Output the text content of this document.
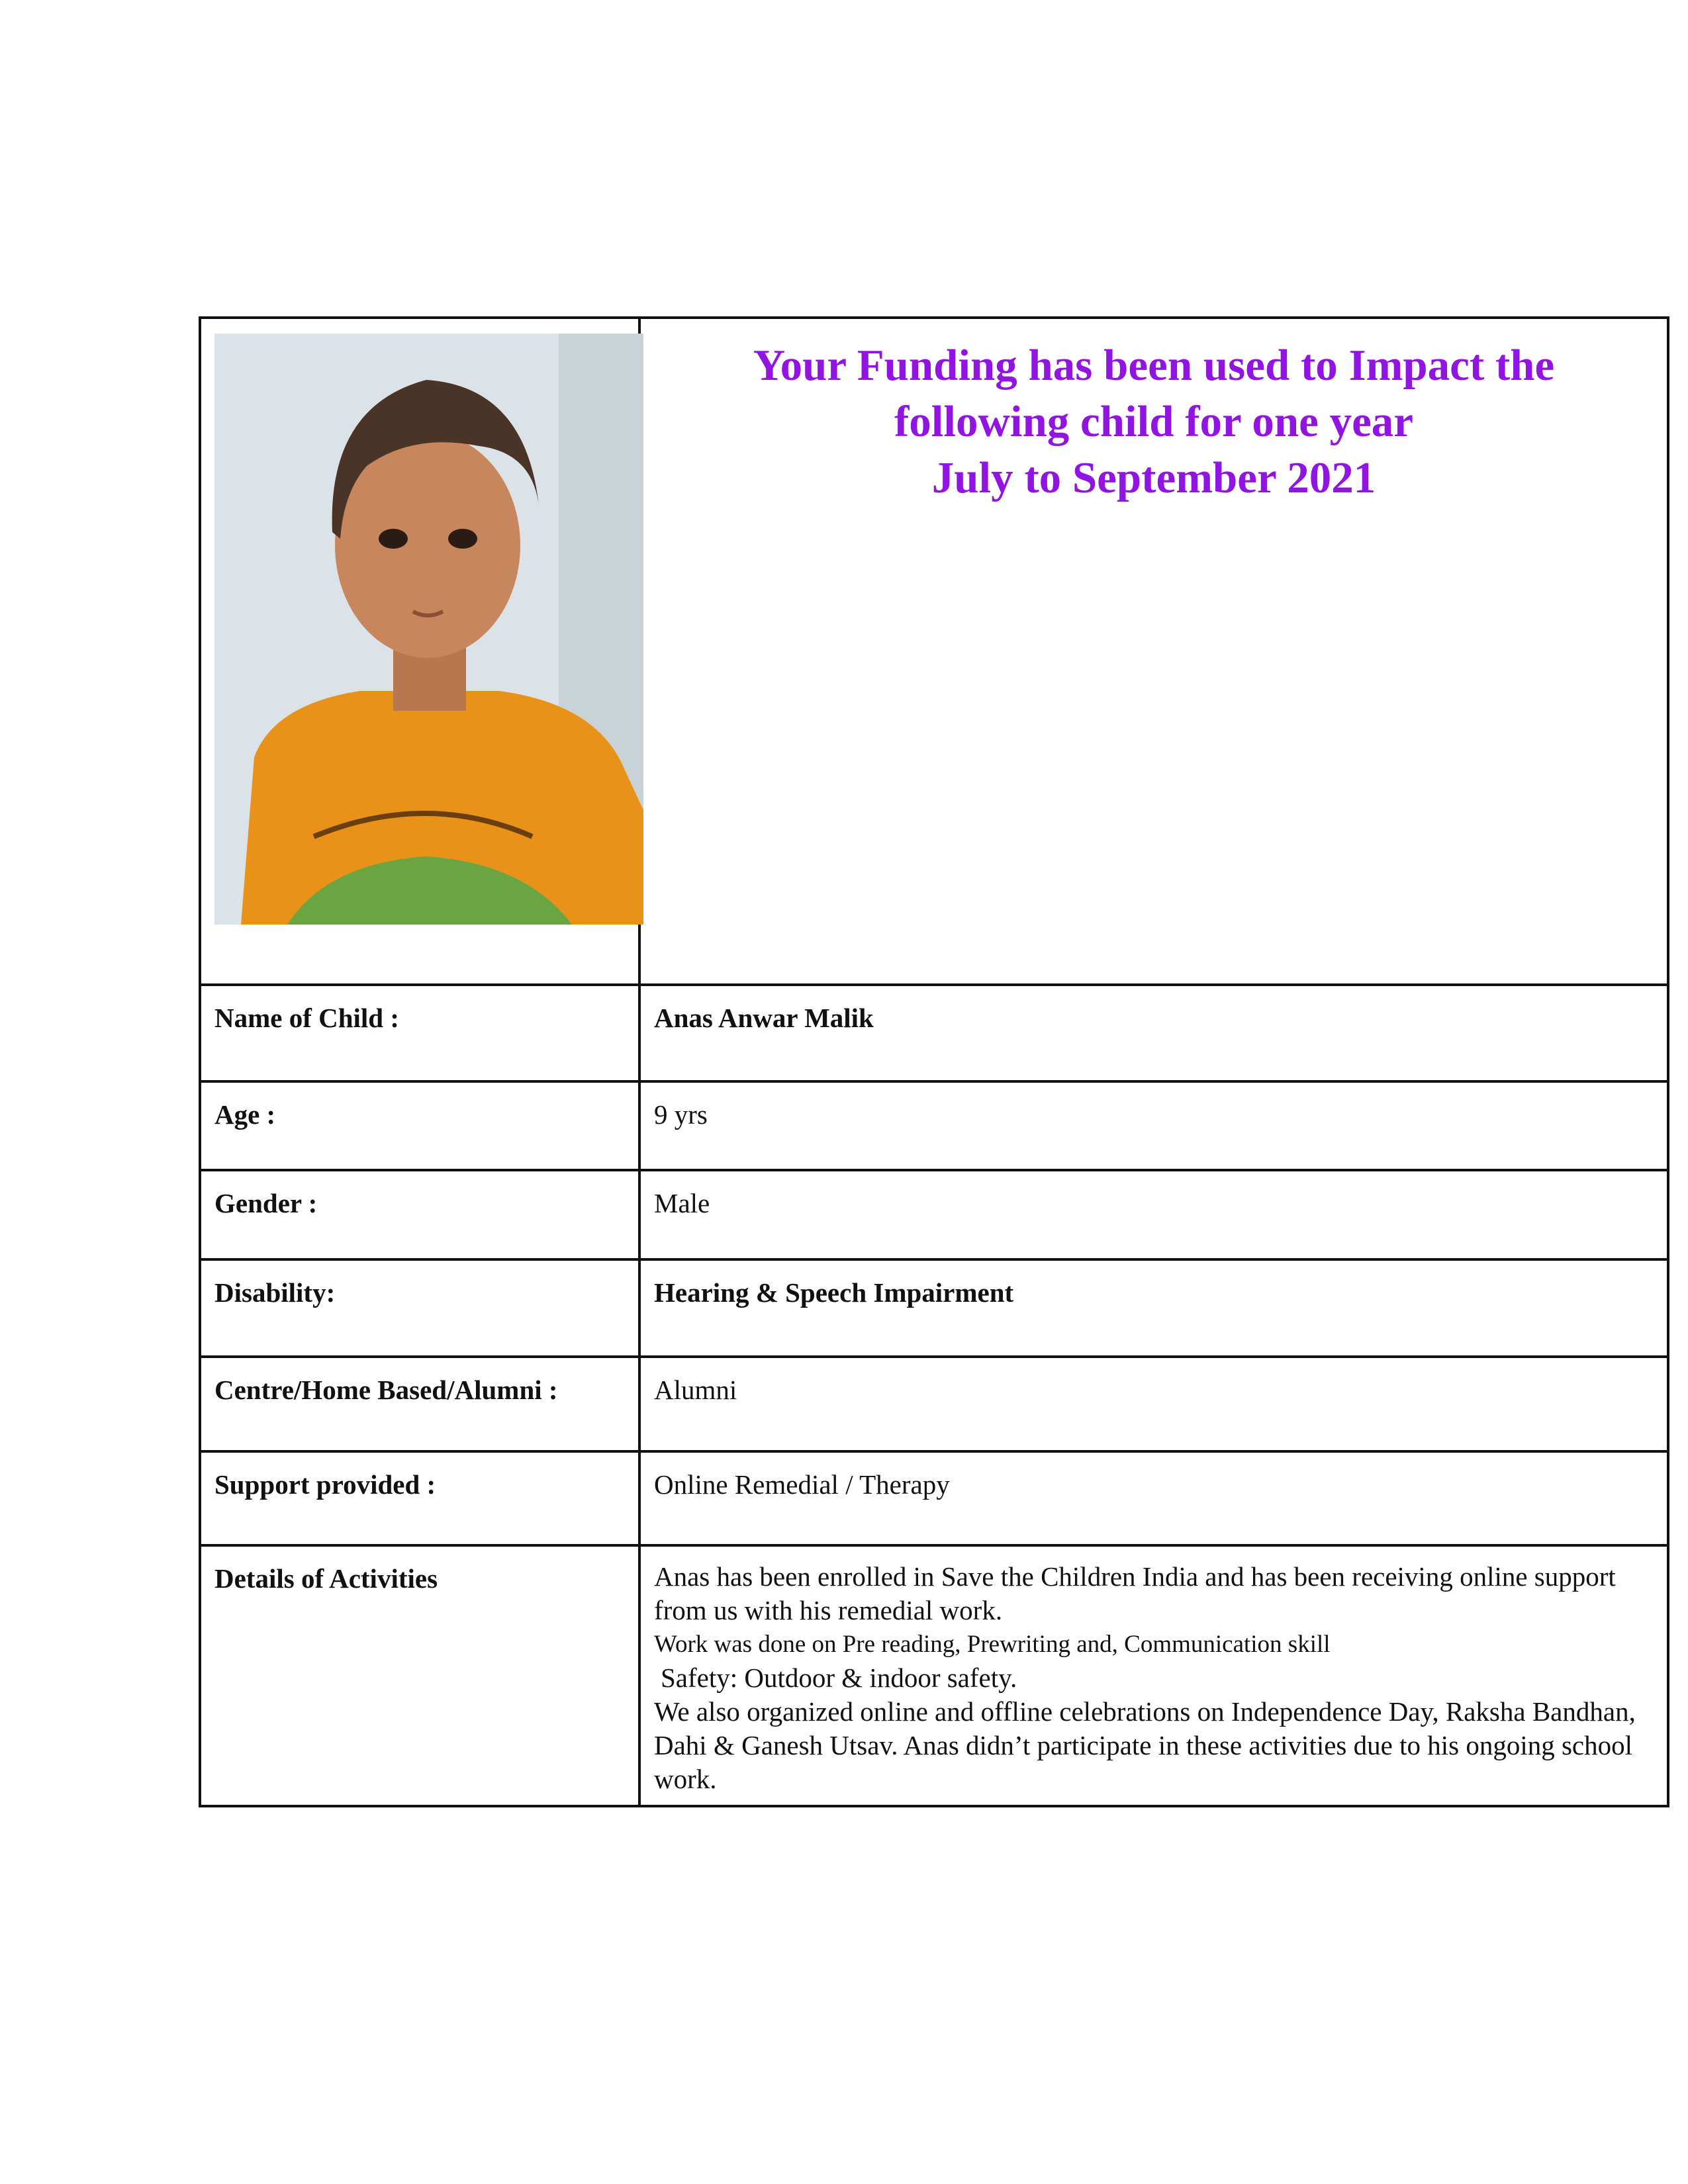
Your Funding has been used to Impact the
following child for one year
July to September 2021

Name of Child :	Anas Anwar Malik

Age :	9 yrs

Gender :	Male

Disability:	Hearing & Speech Impairment

Centre/Home Based/Alumni :	Alumni

Support provided :	Online Remedial / Therapy

Details of Activities	Anas has been enrolled in Save the Children India and has been receiving online support from us with his remedial work.

Work was done on Pre reading, Prewriting and, Communication skill

Safety: Outdoor & indoor safety.

We also organized online and offline celebrations on Independence Day, Raksha Bandhan, Dahi & Ganesh Utsav. Anas didn’t participate in these activities due to his ongoing school work.
